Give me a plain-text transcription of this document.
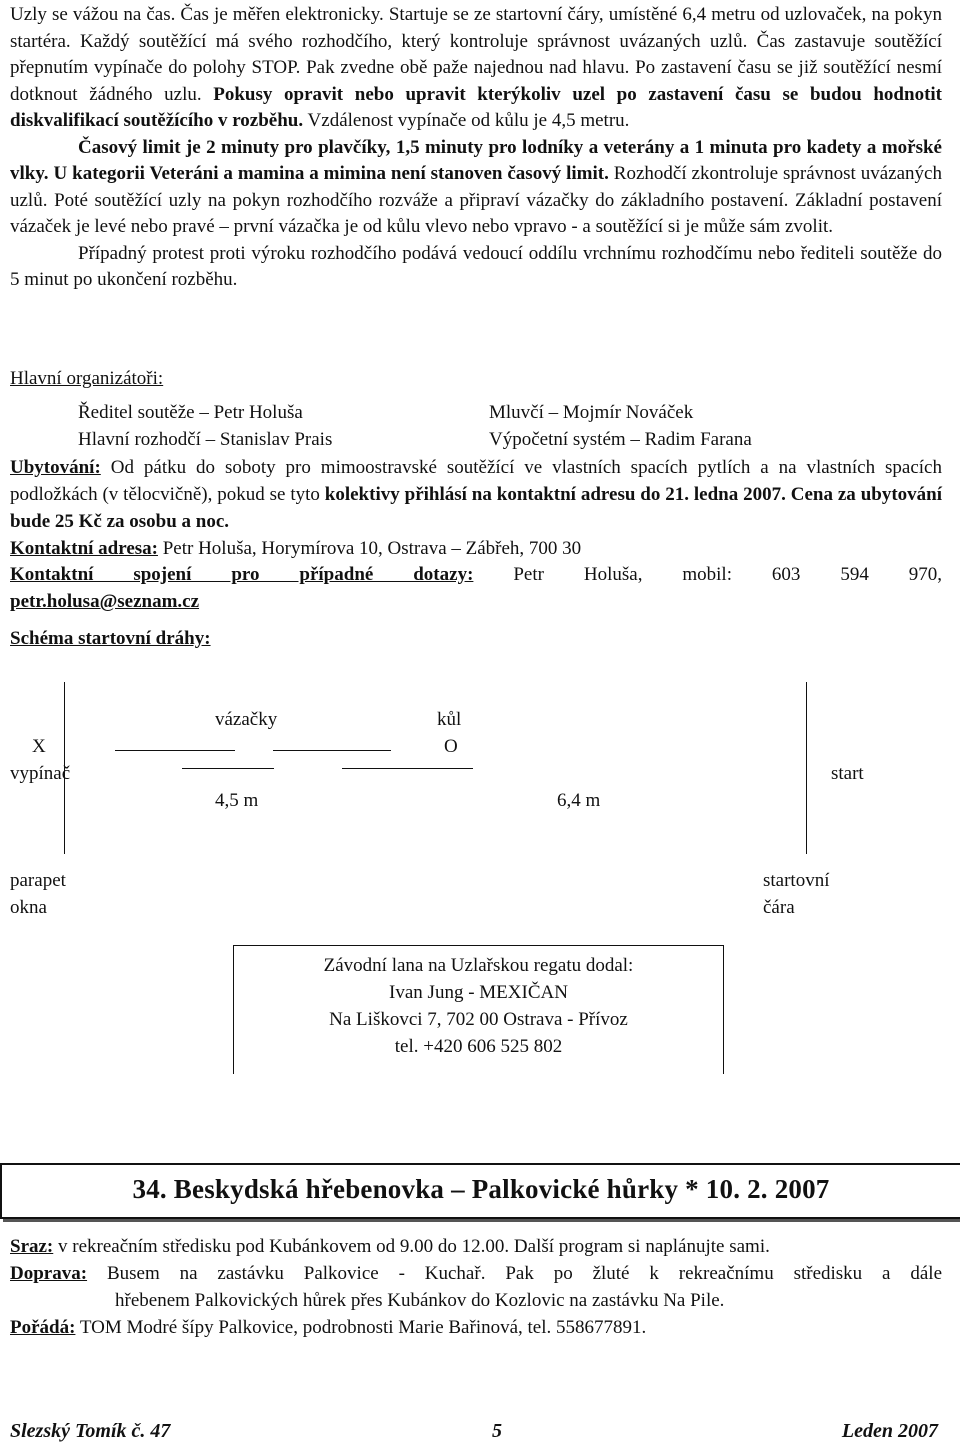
Uzly se vážou na čas. Čas je měřen elektronicky. Startuje se ze startovní čáry, umístěné 6,4 metru od uzlovaček, na pokyn startéra. Každý soutěžící má svého rozhodčího, který kontroluje správnost uvázaných uzlů. Čas zastavuje soutěžící přepnutím vypínače do polohy STOP. Pak zvedne obě paže najednou nad hlavu. Po zastavení času se již soutěžící nesmí dotknout žádného uzlu. Pokusy opravit nebo upravit kterýkoliv uzel po zastavení času se budou hodnotit diskvalifikací soutěžícího v rozběhu. Vzdálenost vypínače od kůlu je 4,5 metru.

Časový limit je 2 minuty pro plavčíky, 1,5 minuty pro lodníky a veterány a 1 minuta pro kadety a mořské vlky. U kategorii Veteráni a mamina a mimina není stanoven časový limit. Rozhodčí zkontroluje správnost uvázaných uzlů. Poté soutěžící uzly na pokyn rozhodčího rozváže a připraví vázačky do základního postavení. Základní postavení vázaček je levé nebo pravé – první vázačka je od kůlu vlevo nebo vpravo - a soutěžící si je může sám zvolit.

Případný protest proti výroku rozhodčího podává vedoucí oddílu vrchnímu rozhodčímu nebo řediteli soutěže do 5 minut po ukončení rozběhu.

Hlavní organizátoři:
Ředitel soutěže – Petr Holuša	Mluvčí – Mojmír Nováček
Hlavní rozhodčí – Stanislav Prais	Výpočetní systém – Radim Farana

Ubytování: Od pátku do soboty pro mimoostravské soutěžící ve vlastních spacích pytlích a na vlastních spacích podložkách (v tělocvičně), pokud se tyto kolektivy přihlásí na kontaktní adresu do 21. ledna 2007. Cena za ubytování bude 25 Kč za osobu a noc.

Kontaktní adresa: Petr Holuša, Horymírova 10, Ostrava – Zábřeh, 700 30
Kontaktní spojení pro případné dotazy: Petr Holuša, mobil: 603 594 970,
petr.holusa@seznam.cz
Schéma startovní dráhy:
vázačky	kůl
X	O
vypínač	start
4,5 m	6,4 m
parapet
okna
startovní
čára
Závodní lana na Uzlařskou regatu dodal:
Ivan Jung - MEXIČAN
Na Liškovci 7, 702 00 Ostrava - Přívoz
tel. +420 606 525 802
34. Beskydská hřebenovka – Palkovické hůrky * 10. 2. 2007
Sraz: v rekreačním středisku pod Kubánkovem od 9.00 do 12.00. Další program si naplánujte sami.
Doprava: Busem na zastávku Palkovice - Kuchař. Pak po žluté k rekreačnímu středisku a dále
hřebenem Palkovických hůrek přes Kubánkov do Kozlovic na zastávku Na Pile.
Pořádá: TOM Modré šípy Palkovice, podrobnosti Marie Bařinová, tel. 558677891.
Slezský Tomík č. 47	5	Leden 2007
